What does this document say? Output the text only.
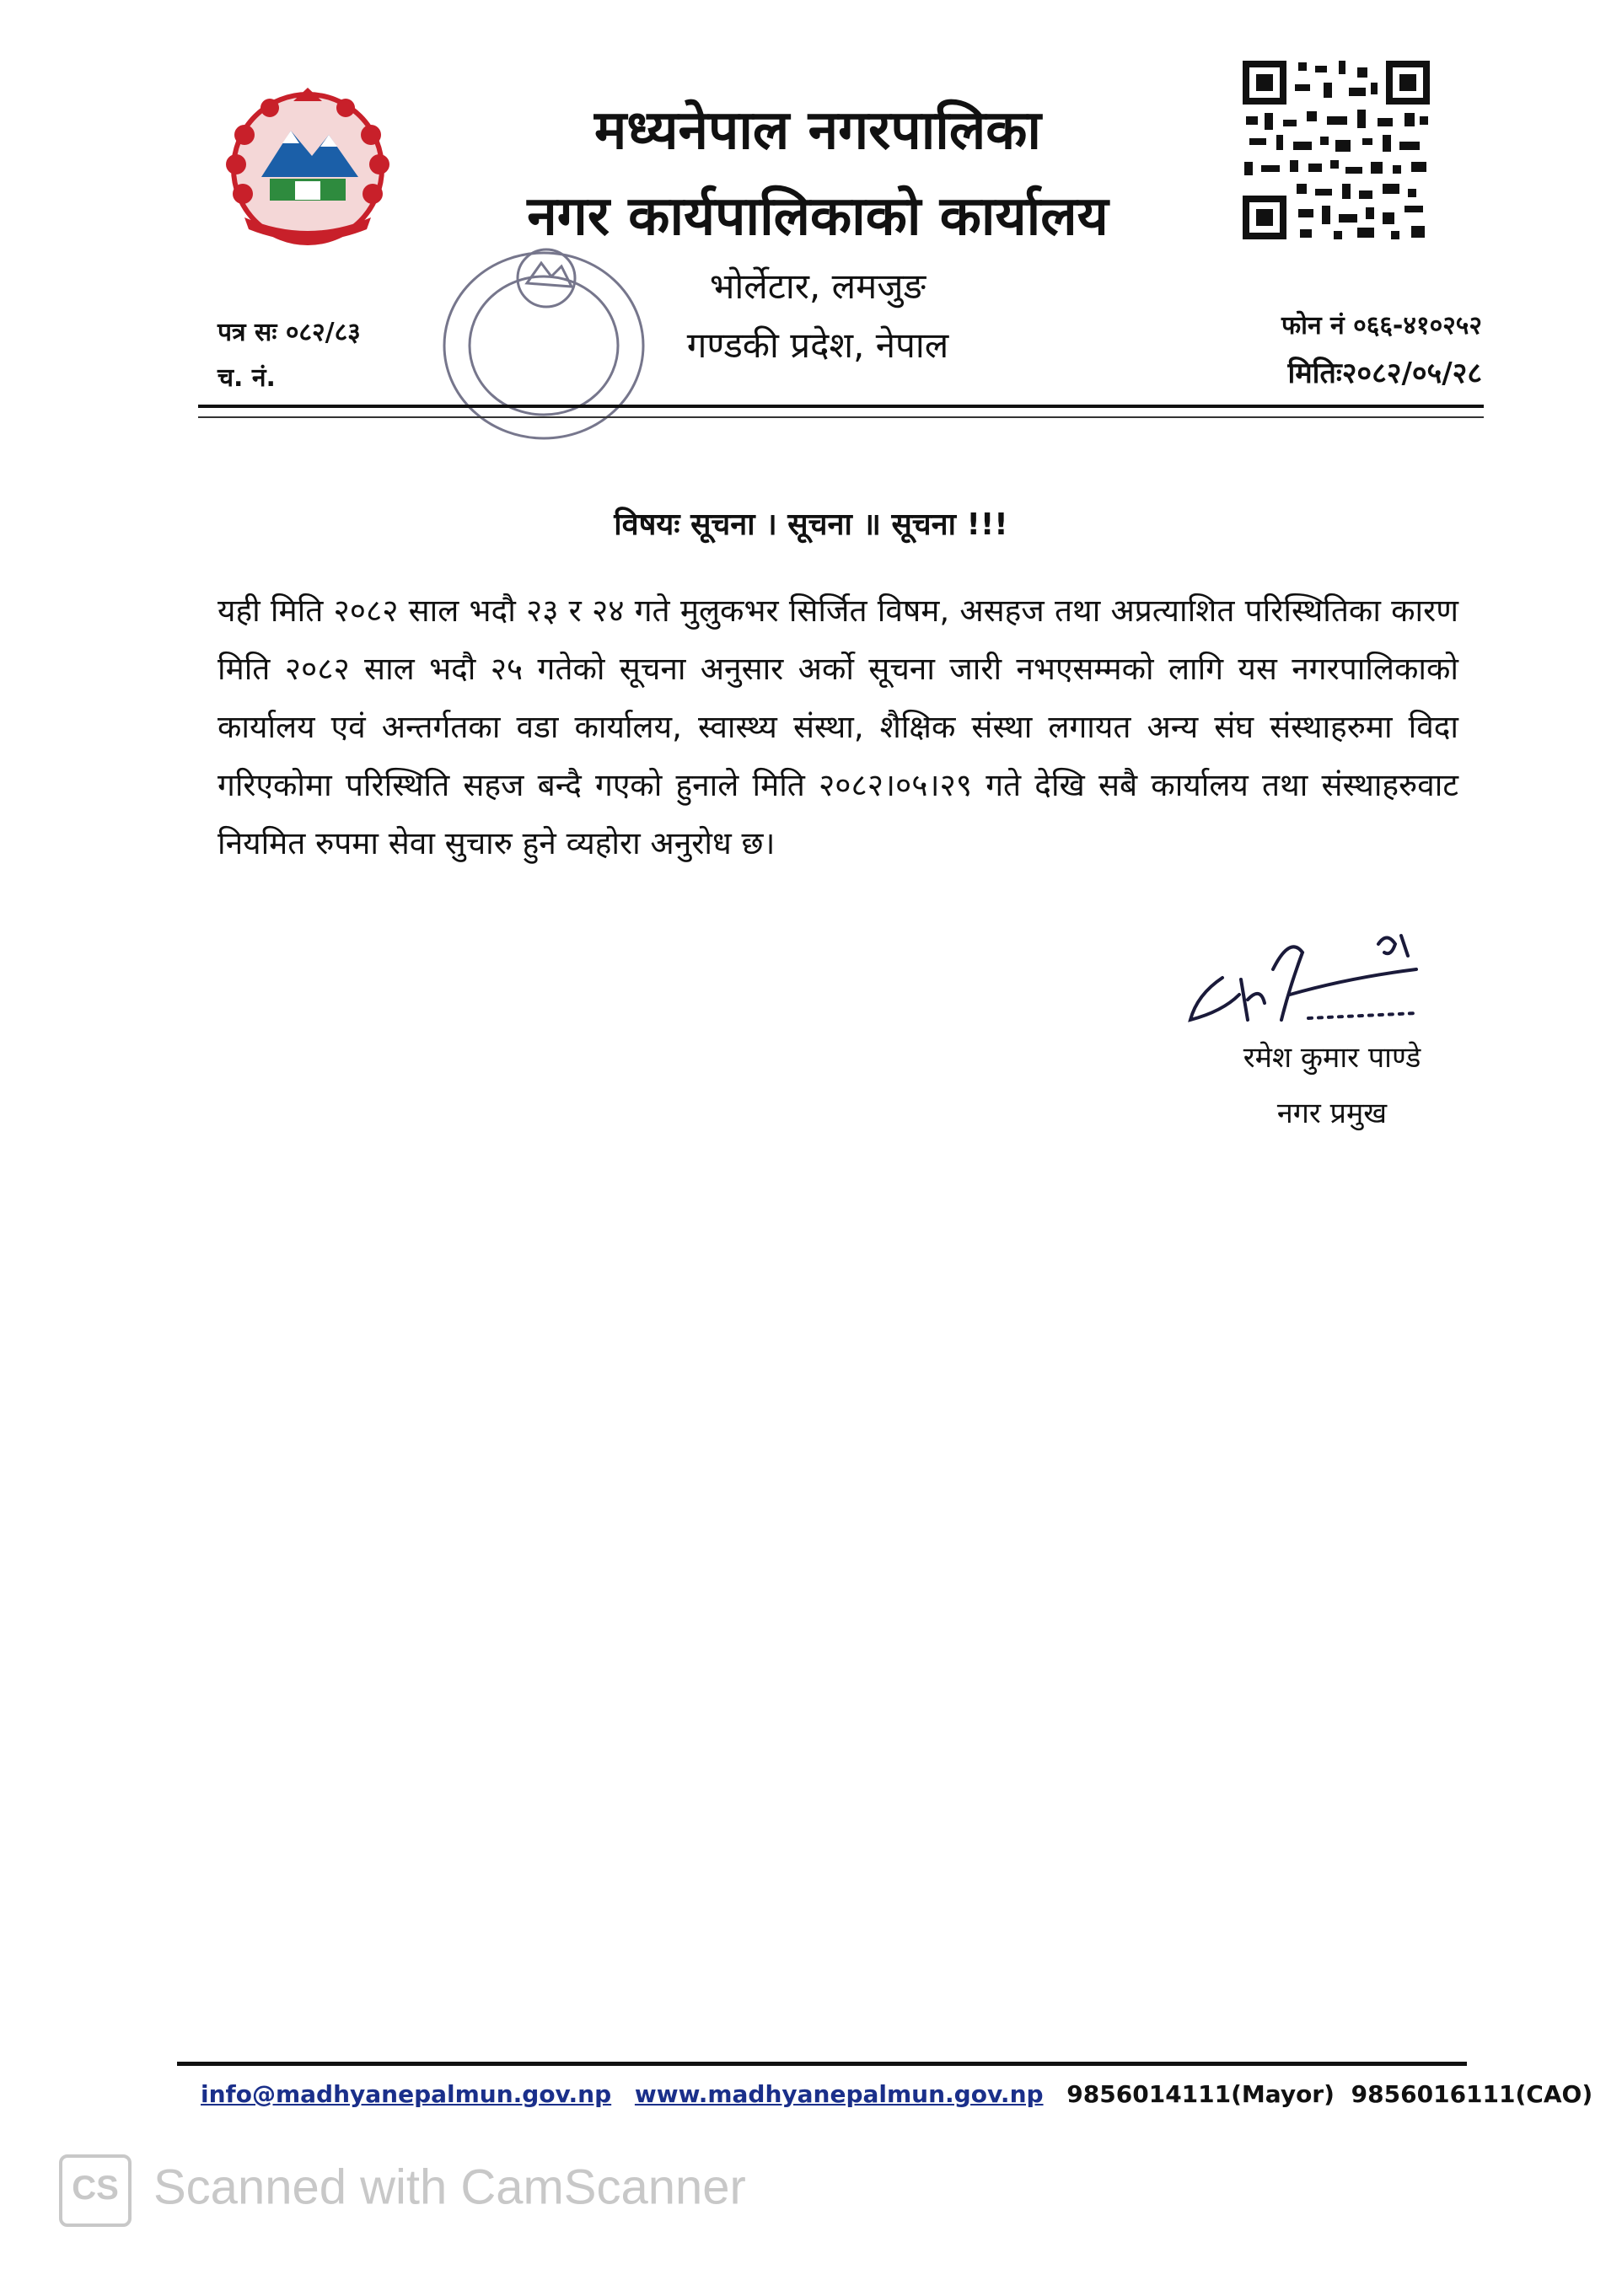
मध्यनेपाल नगरपालिका
नगर कार्यपालिकाको कार्यालय
भोर्लेटार, लमजुङ
गण्डकी प्रदेश, नेपाल
पत्र सः ०८२/८३
च. नं.
फोन नं ०६६-४१०२५२
मितिः२०८२/०५/२८
विषयः सूचना । सूचना ॥ सूचना !!!
यही मिति २०८२ साल भदौ २३ र २४ गते मुलुकभर सिर्जित विषम, असहज तथा अप्रत्याशित परिस्थितिका कारण मिति २०८२ साल भदौ २५ गतेको सूचना अनुसार अर्को सूचना जारी नभएसम्मको लागि यस नगरपालिकाको कार्यालय एवं अन्तर्गतका वडा कार्यालय, स्वास्थ्य संस्था, शैक्षिक संस्था लगायत अन्य संघ संस्थाहरुमा विदा गरिएकोमा परिस्थिति सहज बन्दै गएको हुनाले मिति २०८२।०५।२९ गते देखि सबै कार्यालय तथा संस्थाहरुवाट नियमित रुपमा सेवा सुचारु हुने व्यहोरा अनुरोध छ।
रमेश कुमार पाण्डे
नगर प्रमुख
info@madhyanepalmun.gov.np www.madhyanepalmun.gov.np 9856014111(Mayor) 9856016111(CAO)
CS Scanned with CamScanner
